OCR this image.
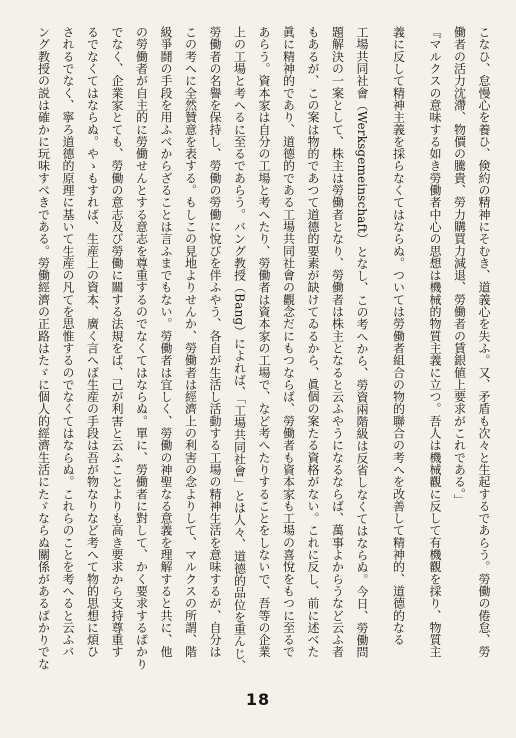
こなひ、怠慢心を養ひ、倹約の精神にそむき、道義心を失ふ。又、矛盾も次々と生起するであらう。勞働の倦怠、勞
働者の活力沈滯、物價の騰貴、勞力購買力減退、勞働者の賃銀値上要求がこれである。」
『マルクスの意味する如き勞働者中心の思想は機械的物質主義に立つ。吾人は機械觀に反して有機觀を採り、物質主
義に反して精神主義を採らなくてはならぬ。ついては勞働者組合の物的聯合の考へを改善して精神的、道德的なる
工場共同社會（Werksgemeinschaft）となし、この考へから、勞資兩階級は反省しなくてはならぬ。今日、勞働問
題解決の一案として、株主は勞働者となり、勞働者は株主となると云ふやうになるならば、萬事よからうなど云ふ者
もあるが、この案は物的であつて道德的要素が缺けてゐるから、眞個の案たる資格がない。これに反し、前に述べた
眞に精神的であり、道德的である工場共同社會の觀念だにもつならば、勞働者も資本家も工場の喜悅をもつに至るで
あらう。資本家は自分の工場と考へたり、勞働者は資本家の工場で、など考へたりすることをしないで、吾等の企業
上の工場と考へるに至るであらう。バング教授（Bang）によれば、「工場共同社會」とは人々、道德的品位を重んじ、
勞働者の名譽を保持し、勞働の勞働に悅びを伴ふやう、各自が生活し活動する工場の精神生活を意味するが、自分は
この考へに全然贊意を表する。もしこの見地よりせんか、勞働者は經濟上の利害の念よりして、マルクスの所謂、階
級爭鬪の手段を用ふべからざることは言ふまでもない。勞働者は宜しく、勞働の神聖なる意義を理解すると共に、他
の勞働者が自主的に勞働せんとする意志を尊重するのでなくてはならぬ。單に、勞働者に對して、かく要求するばかり
でなく、企業家とても、勞働の意志及び勞働に關する法規をば、己が利害と云ふことよりも高き要求から支持尊重す
るでなくてはならぬ。やゝもすれば、生産上の資本、廣く言へば生産の手段は吾が物なりなど考へて物的思想に煩ひ
されるでなく、寧ろ道德的原理に基いて生産の凡てを思惟するのでなくてはならぬ。これらのことを考へると云ふバ
ング教授の説は確かに玩味すべきである。勞働經濟の正路はたゞに個人的經濟生活にたゞならぬ關係があるばかりでな
18
